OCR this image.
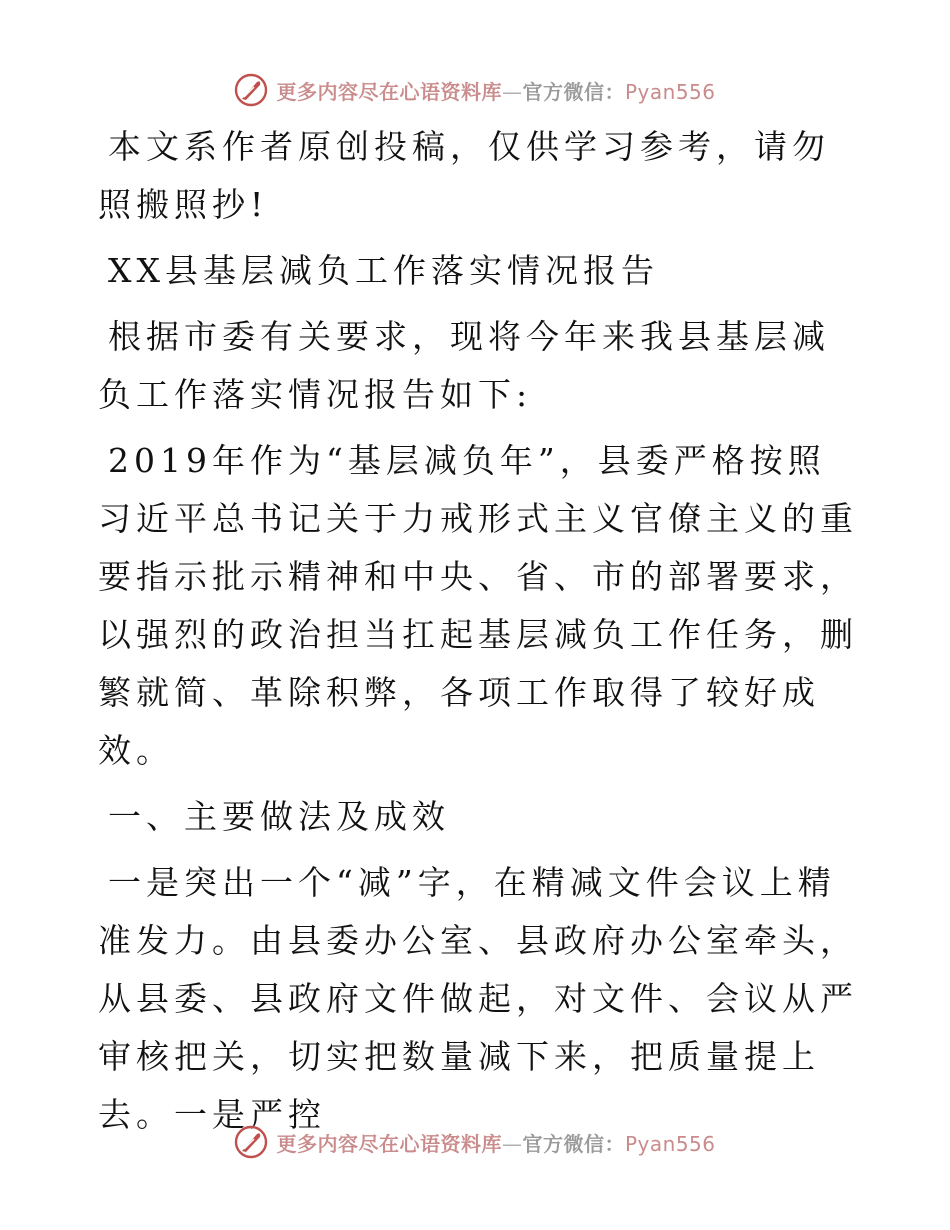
更多内容尽在心语资料库—官方微信：Pyan556

本文系作者原创投稿，仅供学习参考，请勿照搬照抄!

XX县基层减负工作落实情况报告

根据市委有关要求，现将今年来我县基层减负工作落实情况报告如下:

2019年作为“基层减负年”，县委严格按照习近平总书记关于力戒形式主义官僚主义的重要指示批示精神和中央、省、市的部署要求，以强烈的政治担当扛起基层减负工作任务，删繁就简、革除积弊，各项工作取得了较好成效。

一、主要做法及成效

一是突出一个“减”字，在精减文件会议上精准发力。由县委办公室、县政府办公室牵头，从县委、县政府文件做起，对文件、会议从严审核把关，切实把数量减下来，把质量提上去。一是严控

更多内容尽在心语资料库—官方微信：Pyan556
